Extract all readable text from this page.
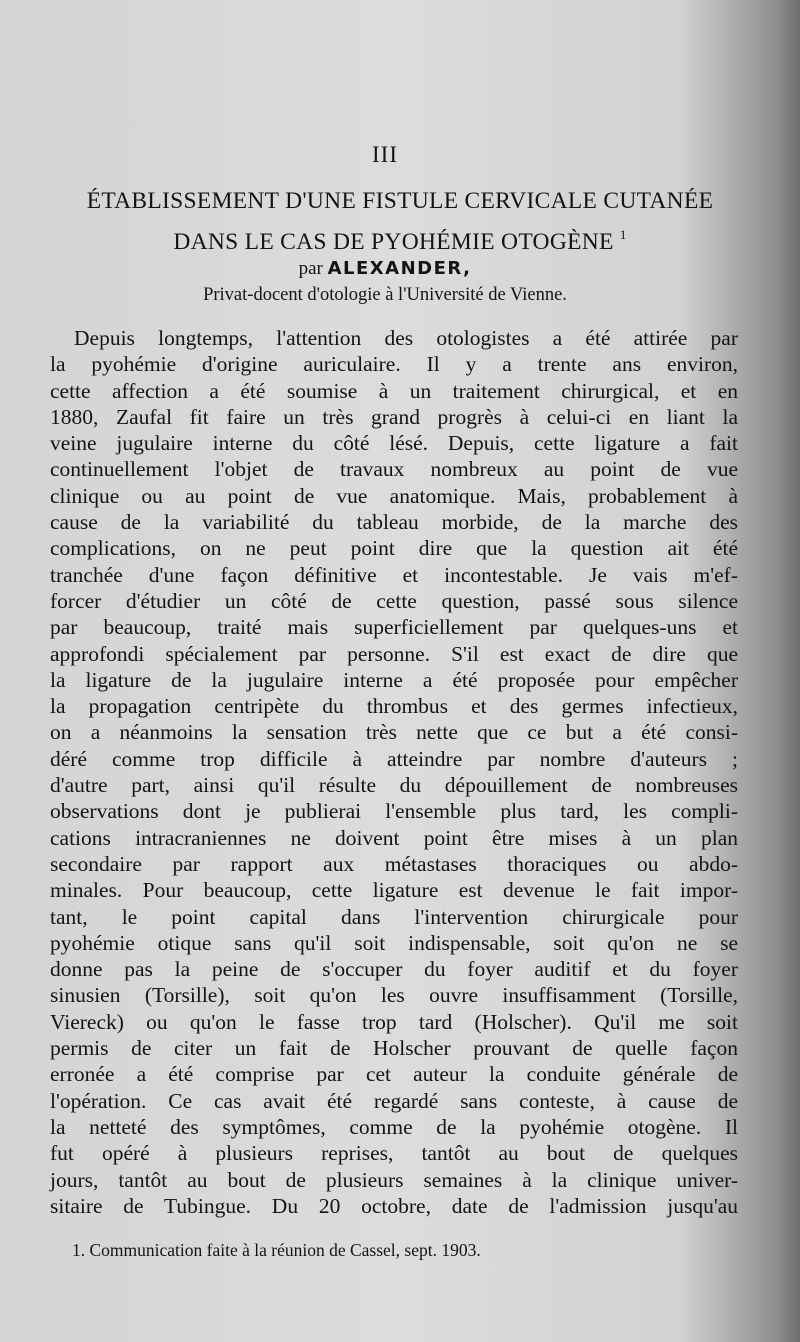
III
ÉTABLISSEMENT D'UNE FISTULE CERVICALE CUTANÉE
DANS LE CAS DE PYOHÉMIE OTOGÈNE $^1$
par ALEXANDER,
Privat-docent d'otologie à l'Université de Vienne.
Depuis longtemps, l'attention des otologistes a été attirée par
la pyohémie d'origine auriculaire. Il y a trente ans environ,
cette affection a été soumise à un traitement chirurgical, et en
1880, Zaufal fit faire un très grand progrès à celui-ci en liant la
veine jugulaire interne du côté lésé. Depuis, cette ligature a fait
continuellement l'objet de travaux nombreux au point de vue
clinique ou au point de vue anatomique. Mais, probablement à
cause de la variabilité du tableau morbide, de la marche des
complications, on ne peut point dire que la question ait été
tranchée d'une façon définitive et incontestable. Je vais m'ef-
forcer d'étudier un côté de cette question, passé sous silence
par beaucoup, traité mais superficiellement par quelques-uns et
approfondi spécialement par personne. S'il est exact de dire que
la ligature de la jugulaire interne a été proposée pour empêcher
la propagation centripète du thrombus et des germes infectieux,
on a néanmoins la sensation très nette que ce but a été consi-
déré comme trop difficile à atteindre par nombre d'auteurs ;
d'autre part, ainsi qu'il résulte du dépouillement de nombreuses
observations dont je publierai l'ensemble plus tard, les compli-
cations intracraniennes ne doivent point être mises à un plan
secondaire par rapport aux métastases thoraciques ou abdo-
minales. Pour beaucoup, cette ligature est devenue le fait impor-
tant, le point capital dans l'intervention chirurgicale pour
pyohémie otique sans qu'il soit indispensable, soit qu'on ne se
donne pas la peine de s'occuper du foyer auditif et du foyer
sinusien (Torsille), soit qu'on les ouvre insuffisamment (Torsille,
Viereck) ou qu'on le fasse trop tard (Holscher). Qu'il me soit
permis de citer un fait de Holscher prouvant de quelle façon
erronée a été comprise par cet auteur la conduite générale de
l'opération. Ce cas avait été regardé sans conteste, à cause de
la netteté des symptômes, comme de la pyohémie otogène. Il
fut opéré à plusieurs reprises, tantôt au bout de quelques
jours, tantôt au bout de plusieurs semaines à la clinique univer-
sitaire de Tubingue. Du 20 octobre, date de l'admission jusqu'au
1. Communication faite à la réunion de Cassel, sept. 1903.
